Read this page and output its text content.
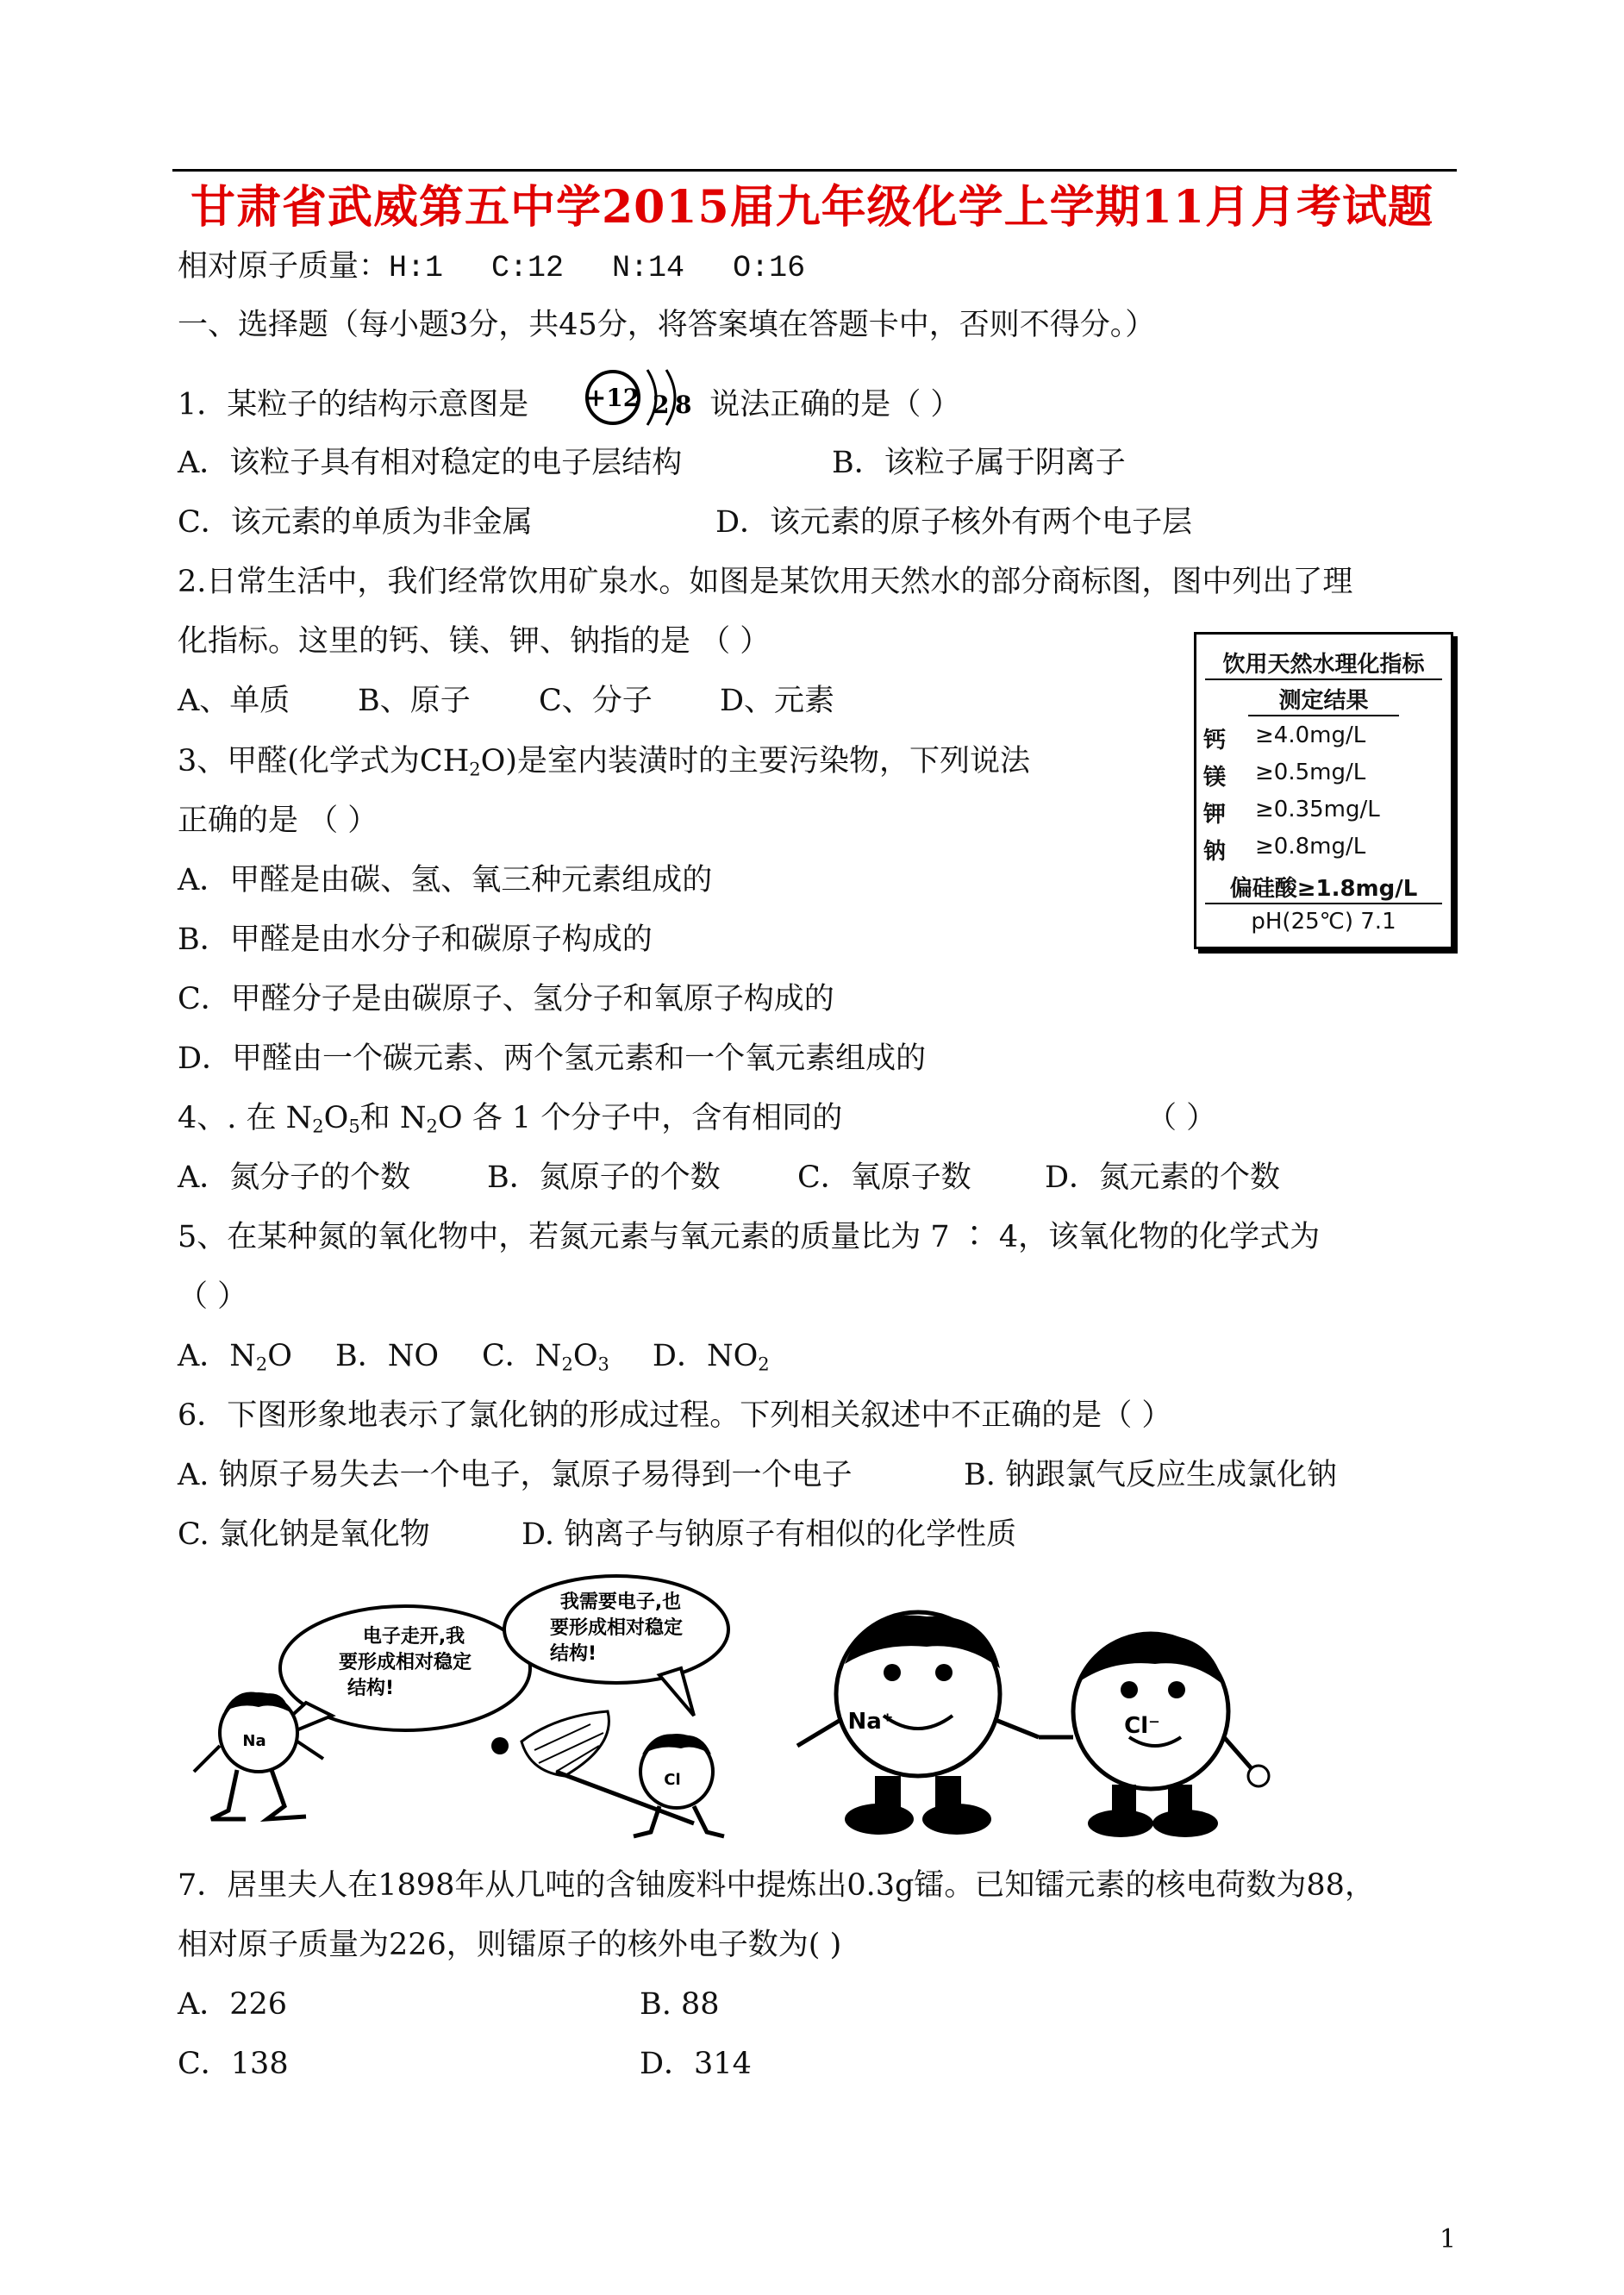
甘肃省武威第五中学2015届九年级化学上学期11月月考试题
相对原子质量：H:1 C:12 N:14 O:16
一、选择题（每小题3分，共45分，将答案填在答题卡中，否则不得分。）
1．某粒子的结构示意图是 +12 2 8 说法正确的是（ ）
A．该粒子具有相对稳定的电子层结构	B．该粒子属于阴离子
C．该元素的单质为非金属	D．该元素的原子核外有两个电子层
2.日常生活中，我们经常饮用矿泉水。如图是某饮用天然水的部分商标图，图中列出了理
化指标。这里的钙、镁、钾、钠指的是 （ ）
A、单质 B、原子 C、分子 D、元素
饮用天然水理化指标
测定结果
钙 ≥4.0mg/L
镁 ≥0.5mg/L
钾 ≥0.35mg/L
钠 ≥0.8mg/L
偏硅酸≥1.8mg/L
pH(25℃) 7.1
3、甲醛(化学式为$CH_2O$)是室内装潢时的主要污染物，下列说法
正确的是 （ ）
A．甲醛是由碳、氢、氧三种元素组成的
B．甲醛是由水分子和碳原子构成的
C．甲醛分子是由碳原子、氢分子和氧原子构成的
D．甲醛由一个碳元素、两个氢元素和一个氧元素组成的
4、. 在 $N_2O_5$和 $N_2O$ 各 1 个分子中，含有相同的	（ ）
A．氮分子的个数	B．氮原子的个数	C．氧原子数 D．氮元素的个数
5、在某种氮的氧化物中，若氮元素与氧元素的质量比为 7 ∶ 4，该氧化物的化学式为
（ ）
A．$N_2O$ B．NO C．$N_2O_3$ D．$NO_2$
6．下图形象地表示了氯化钠的形成过程。下列相关叙述中不正确的是（ ）
A. 钠原子易失去一个电子，氯原子易得到一个电子	B. 钠跟氯气反应生成氯化钠
C. 氯化钠是氧化物	D. 钠离子与钠原子有相似的化学性质
电子走开,我
要形成相对稳定
结构!
Na
我需要电子,也
要形成相对稳定
结构!
Cl
Na⁺	Cl⁻
7．居里夫人在1898年从几吨的含铀废料中提炼出0.3g镭。已知镭元素的核电荷数为88，
相对原子质量为226，则镭原子的核外电子数为( )
A．226	B. 88
C．138	D．314
1
